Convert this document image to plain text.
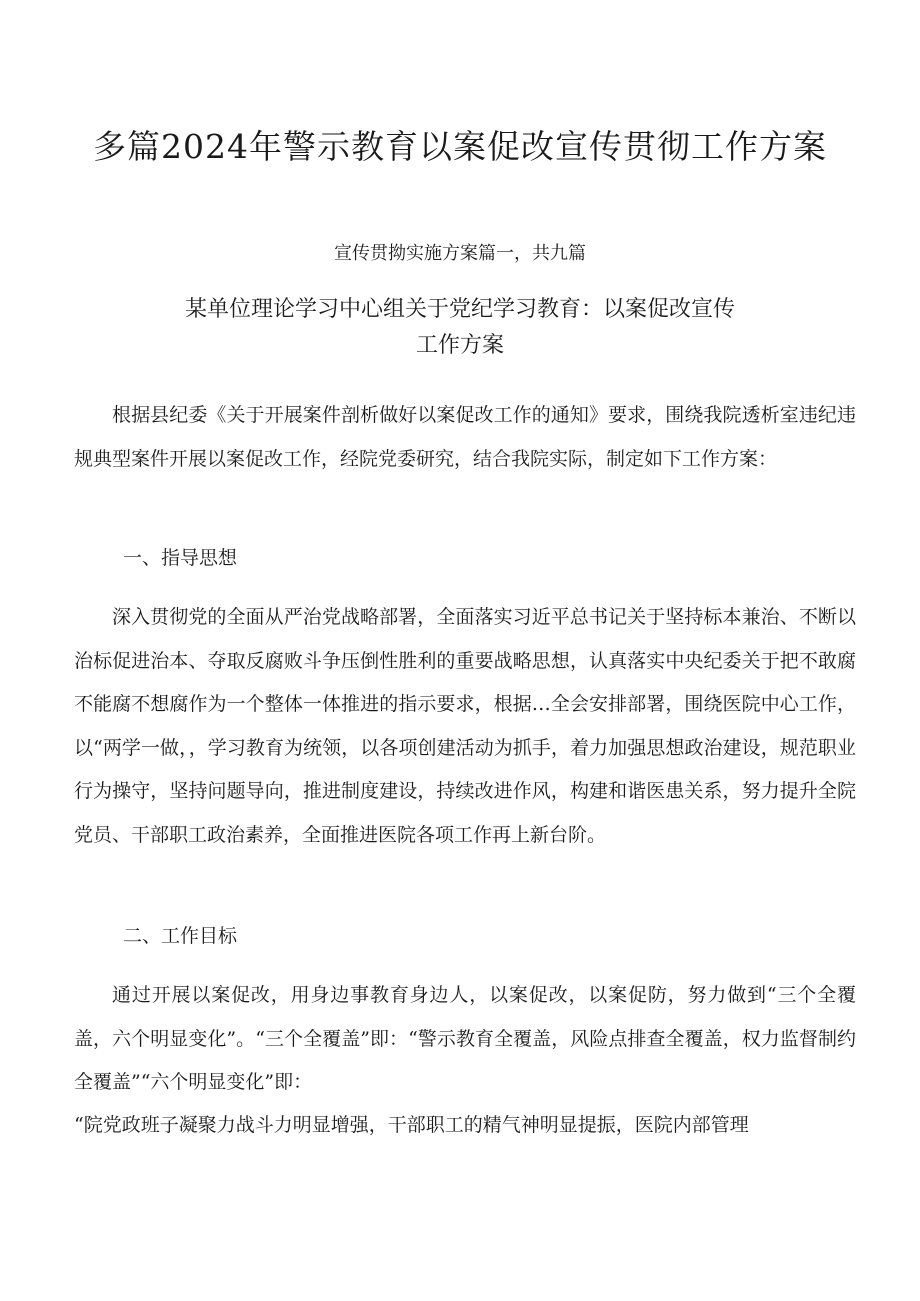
多篇2024年警示教育以案促改宣传贯彻工作方案
宣传贯拗实施方案篇一，共九篇
某单位理论学习中心组关于党纪学习教育：以案促改宣传
工作方案

根据县纪委《关于开展案件剖析做好以案促改工作的通知》要求，围绕我院透析室违纪违规典型案件开展以案促改工作，经院党委研究，结合我院实际，制定如下工作方案：

一、指导思想

深入贯彻党的全面从严治党战略部署，全面落实习近平总书记关于坚持标本兼治、不断以治标促进治本、夺取反腐败斗争压倒性胜利的重要战略思想，认真落实中央纪委关于把不敢腐不能腐不想腐作为一个整体一体推进的指示要求，根据…全会安排部署，围绕医院中心工作，以“两学一做，，学习教育为统领，以各项创建活动为抓手，着力加强思想政治建设，规范职业行为操守，坚持问题导向，推进制度建设，持续改进作风，构建和谐医患关系，努力提升全院党员、干部职工政治素养，全面推进医院各项工作再上新台阶。

二、工作目标

通过开展以案促改，用身边事教育身边人，以案促改，以案促防，努力做到“三个全覆盖，六个明显变化”。“三个全覆盖”即：“警示教育全覆盖，风险点排查全覆盖，权力监督制约全覆盖”“六个明显变化”即：

“院党政班子凝聚力战斗力明显增强，干部职工的精气神明显提振，医院内部管理
